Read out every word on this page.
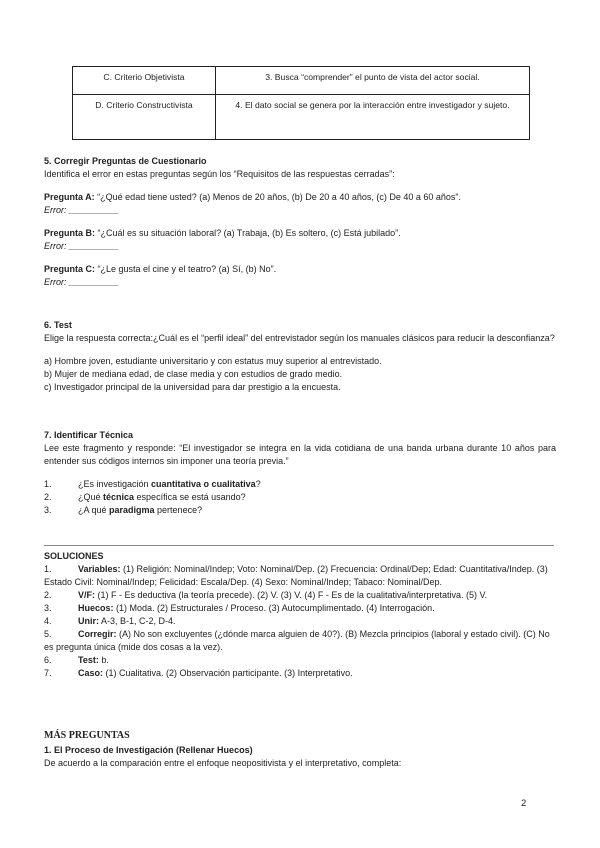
C. Criterio Objetivista	3. Busca “comprender” el punto de vista del actor social.
D. Criterio Constructivista	4. El dato social se genera por la interacción entre investigador y sujeto.

5. Corregir Preguntas de Cuestionario

Identifica el error en estas preguntas según los “Requisitos de las respuestas cerradas”:

Pregunta A: “¿Qué edad tiene usted? (a) Menos de 20 años, (b) De 20 a 40 años, (c) De 40 a 60 años”.

Error: __________

Pregunta B: “¿Cuál es su situación laboral? (a) Trabaja, (b) Es soltero, (c) Está jubilado”.

Error: __________

Pregunta C: “¿Le gusta el cine y el teatro? (a) Sí, (b) No”.

Error: __________

6. Test

Elige la respuesta correcta:¿Cuál es el “perfil ideal” del entrevistador según los manuales clásicos para reducir la desconfianza?

a) Hombre joven, estudiante universitario y con estatus muy superior al entrevistado.

b) Mujer de mediana edad, de clase media y con estudios de grado medio.

c) Investigador principal de la universidad para dar prestigio a la encuesta.

7. Identificar Técnica

Lee este fragmento y responde: “El investigador se integra en la vida cotidiana de una banda urbana durante 10 años para entender sus códigos internos sin imponer una teoría previa.”

1.	¿Es investigación cuantitativa o cualitativa?

2.	¿Qué técnica específica se está usando?

3.	¿A qué paradigma pertenece?

SOLUCIONES

1.	Variables: (1) Religión: Nominal/Indep; Voto: Nominal/Dep. (2) Frecuencia: Ordinal/Dep; Edad: Cuantitativa/Indep. (3) Estado Civil: Nominal/Indep; Felicidad: Escala/Dep. (4) Sexo: Nominal/Indep; Tabaco: Nominal/Dep.

2.	V/F: (1) F - Es deductiva (la teoría precede). (2) V. (3) V. (4) F - Es de la cualitativa/interpretativa. (5) V.

3.	Huecos: (1) Moda. (2) Estructurales / Proceso. (3) Autocumplimentado. (4) Interrogación.

4.	Unir: A-3, B-1, C-2, D-4.

5.	Corregir: (A) No son excluyentes (¿dónde marca alguien de 40?). (B) Mezcla principios (laboral y estado civil). (C) No es pregunta única (mide dos cosas a la vez).

6.	Test: b.

7.	Caso: (1) Cualitativa. (2) Observación participante. (3) Interpretativo.

MÁS PREGUNTAS

1. El Proceso de Investigación (Rellenar Huecos)

De acuerdo a la comparación entre el enfoque neopositivista y el interpretativo, completa:

2
